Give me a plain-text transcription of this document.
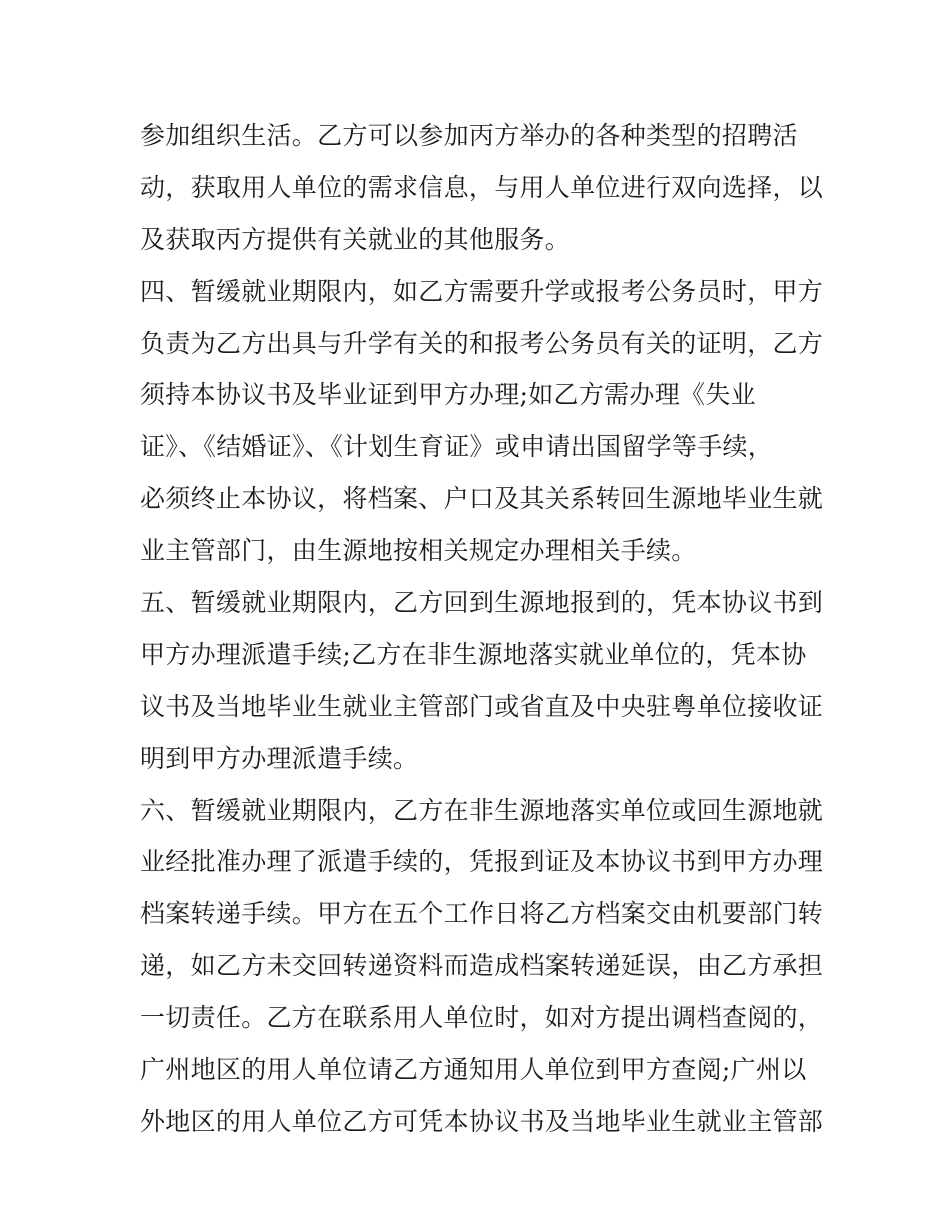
参加组织生活。乙方可以参加丙方举办的各种类型的招聘活
动，获取用人单位的需求信息，与用人单位进行双向选择，以
及获取丙方提供有关就业的其他服务。
四、暂缓就业期限内，如乙方需要升学或报考公务员时，甲方
负责为乙方出具与升学有关的和报考公务员有关的证明，乙方
须持本协议书及毕业证到甲方办理;如乙方需办理《失业
证》、《结婚证》、《计划生育证》或申请出国留学等手续，
必须终止本协议，将档案、户口及其关系转回生源地毕业生就
业主管部门，由生源地按相关规定办理相关手续。
五、暂缓就业期限内，乙方回到生源地报到的，凭本协议书到
甲方办理派遣手续;乙方在非生源地落实就业单位的，凭本协
议书及当地毕业生就业主管部门或省直及中央驻粤单位接收证
明到甲方办理派遣手续。
六、暂缓就业期限内，乙方在非生源地落实单位或回生源地就
业经批准办理了派遣手续的，凭报到证及本协议书到甲方办理
档案转递手续。甲方在五个工作日将乙方档案交由机要部门转
递，如乙方未交回转递资料而造成档案转递延误，由乙方承担
一切责任。乙方在联系用人单位时，如对方提出调档查阅的，
广州地区的用人单位请乙方通知用人单位到甲方查阅;广州以
外地区的用人单位乙方可凭本协议书及当地毕业生就业主管部
